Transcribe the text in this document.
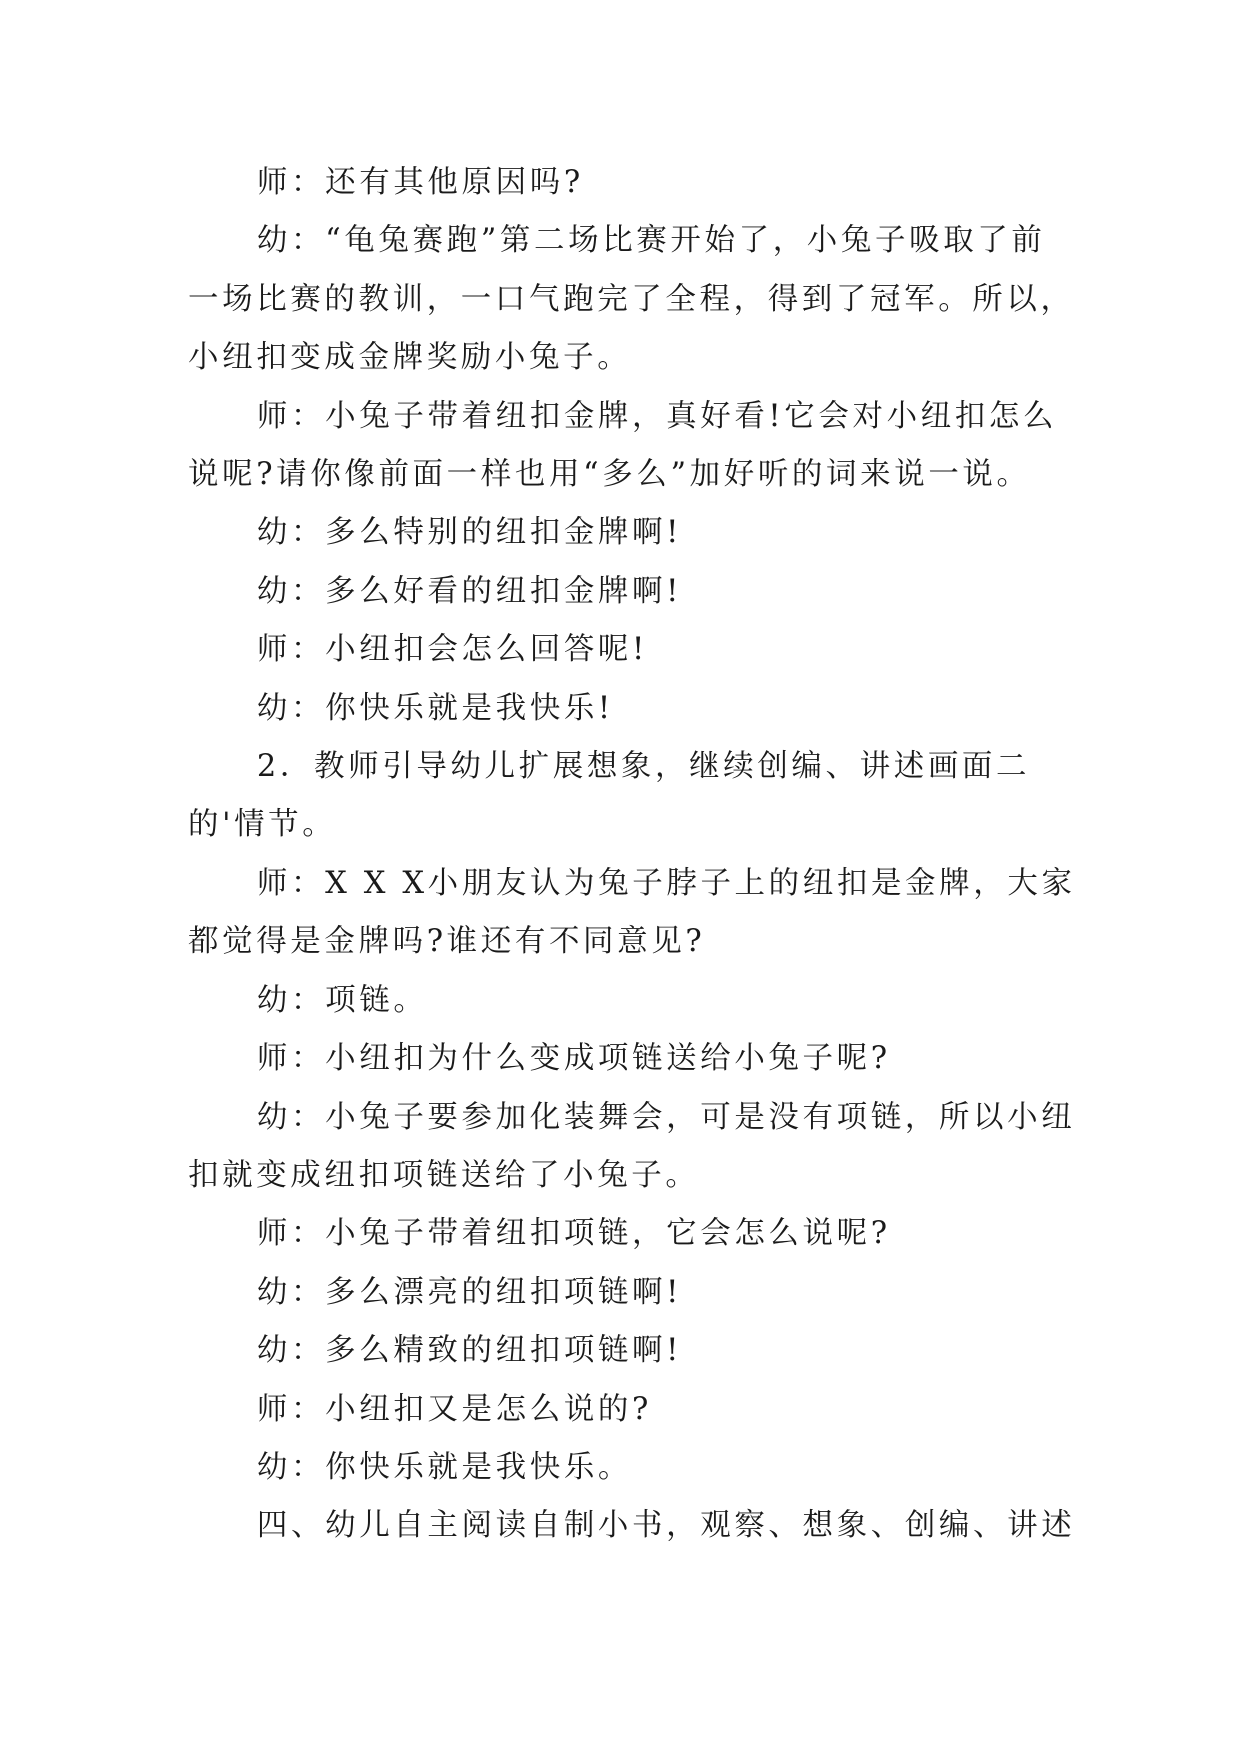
师：还有其他原因吗?

幼：“龟兔赛跑”第二场比赛开始了，小兔子吸取了前一场比赛的教训，一口气跑完了全程，得到了冠军。所以，小纽扣变成金牌奖励小兔子。

师：小兔子带着纽扣金牌，真好看!它会对小纽扣怎么说呢?请你像前面一样也用“多么”加好听的词来说一说。

幼：多么特别的纽扣金牌啊!

幼：多么好看的纽扣金牌啊!

师：小纽扣会怎么回答呢!

幼：你快乐就是我快乐!

2．教师引导幼儿扩展想象，继续创编、讲述画面二的'情节。

师：X X X小朋友认为兔子脖子上的纽扣是金牌，大家都觉得是金牌吗?谁还有不同意见?

幼：项链。

师：小纽扣为什么变成项链送给小兔子呢?

幼：小兔子要参加化装舞会，可是没有项链，所以小纽扣就变成纽扣项链送给了小兔子。

师：小兔子带着纽扣项链，它会怎么说呢?

幼：多么漂亮的纽扣项链啊!

幼：多么精致的纽扣项链啊!

师：小纽扣又是怎么说的?

幼：你快乐就是我快乐。

四、幼儿自主阅读自制小书，观察、想象、创编、讲述
